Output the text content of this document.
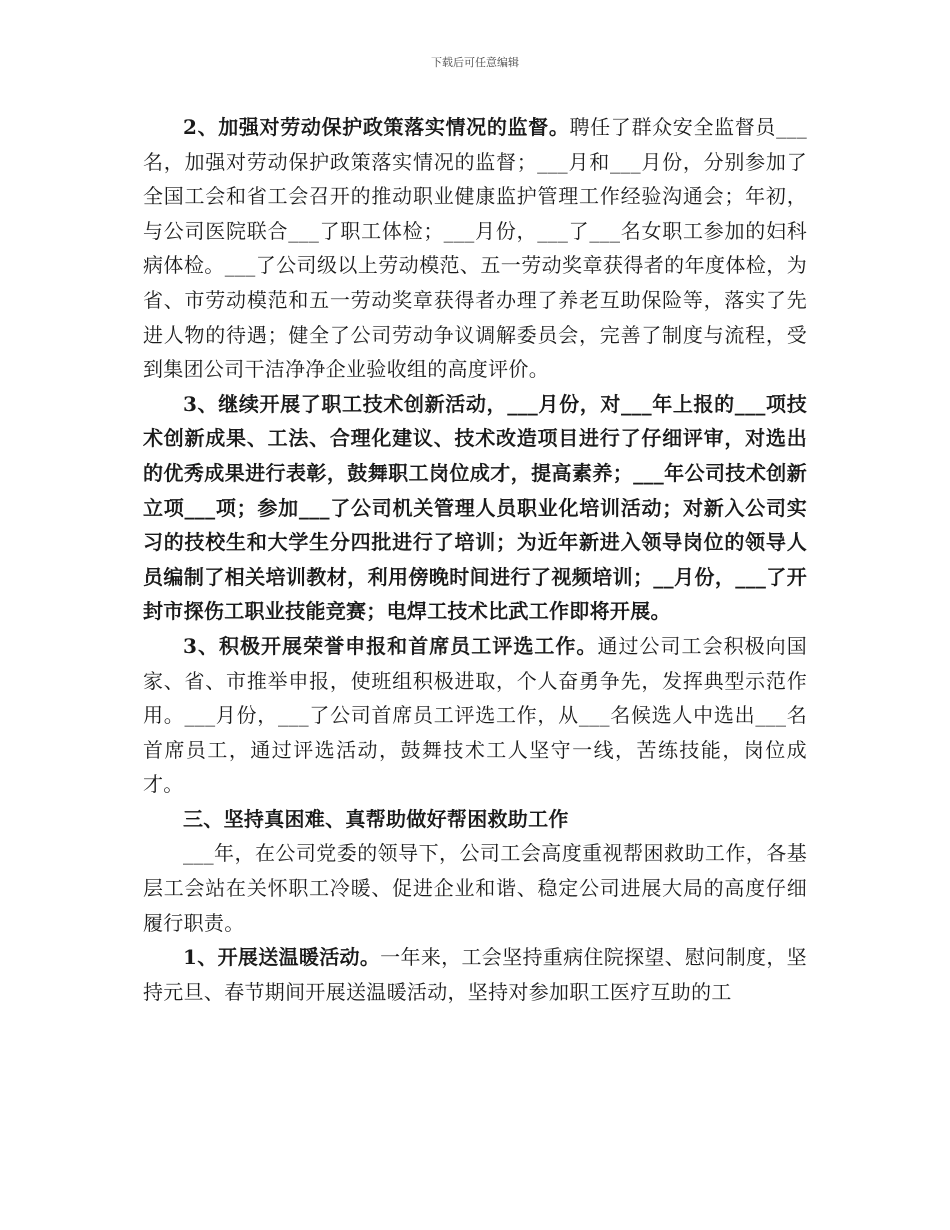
下载后可任意编辑

2、加强对劳动保护政策落实情况的监督。聘任了群众安全监督员___名，加强对劳动保护政策落实情况的监督；___月和___月份，分别参加了全国工会和省工会召开的推动职业健康监护管理工作经验沟通会；年初，与公司医院联合___了职工体检；___月份，___了___名女职工参加的妇科病体检。___了公司级以上劳动模范、五一劳动奖章获得者的年度体检，为省、市劳动模范和五一劳动奖章获得者办理了养老互助保险等，落实了先进人物的待遇；健全了公司劳动争议调解委员会，完善了制度与流程，受到集团公司干洁净净企业验收组的高度评价。

3、继续开展了职工技术创新活动，___月份，对___年上报的___项技术创新成果、工法、合理化建议、技术改造项目进行了仔细评审，对选出的优秀成果进行表彰，鼓舞职工岗位成才，提高素养；___年公司技术创新立项___项；参加___了公司机关管理人员职业化培训活动；对新入公司实习的技校生和大学生分四批进行了培训；为近年新进入领导岗位的领导人员编制了相关培训教材，利用傍晚时间进行了视频培训；__月份，___了开封市探伤工职业技能竞赛；电焊工技术比武工作即将开展。

3、积极开展荣誉申报和首席员工评选工作。通过公司工会积极向国家、省、市推举申报，使班组积极进取，个人奋勇争先，发挥典型示范作用。___月份，___了公司首席员工评选工作，从___名候选人中选出___名首席员工，通过评选活动，鼓舞技术工人坚守一线，苦练技能，岗位成才。

三、坚持真困难、真帮助做好帮困救助工作

___年，在公司党委的领导下，公司工会高度重视帮困救助工作，各基层工会站在关怀职工冷暖、促进企业和谐、稳定公司进展大局的高度仔细履行职责。

1、开展送温暖活动。一年来，工会坚持重病住院探望、慰问制度，坚持元旦、春节期间开展送温暖活动，坚持对参加职工医疗互助的工
